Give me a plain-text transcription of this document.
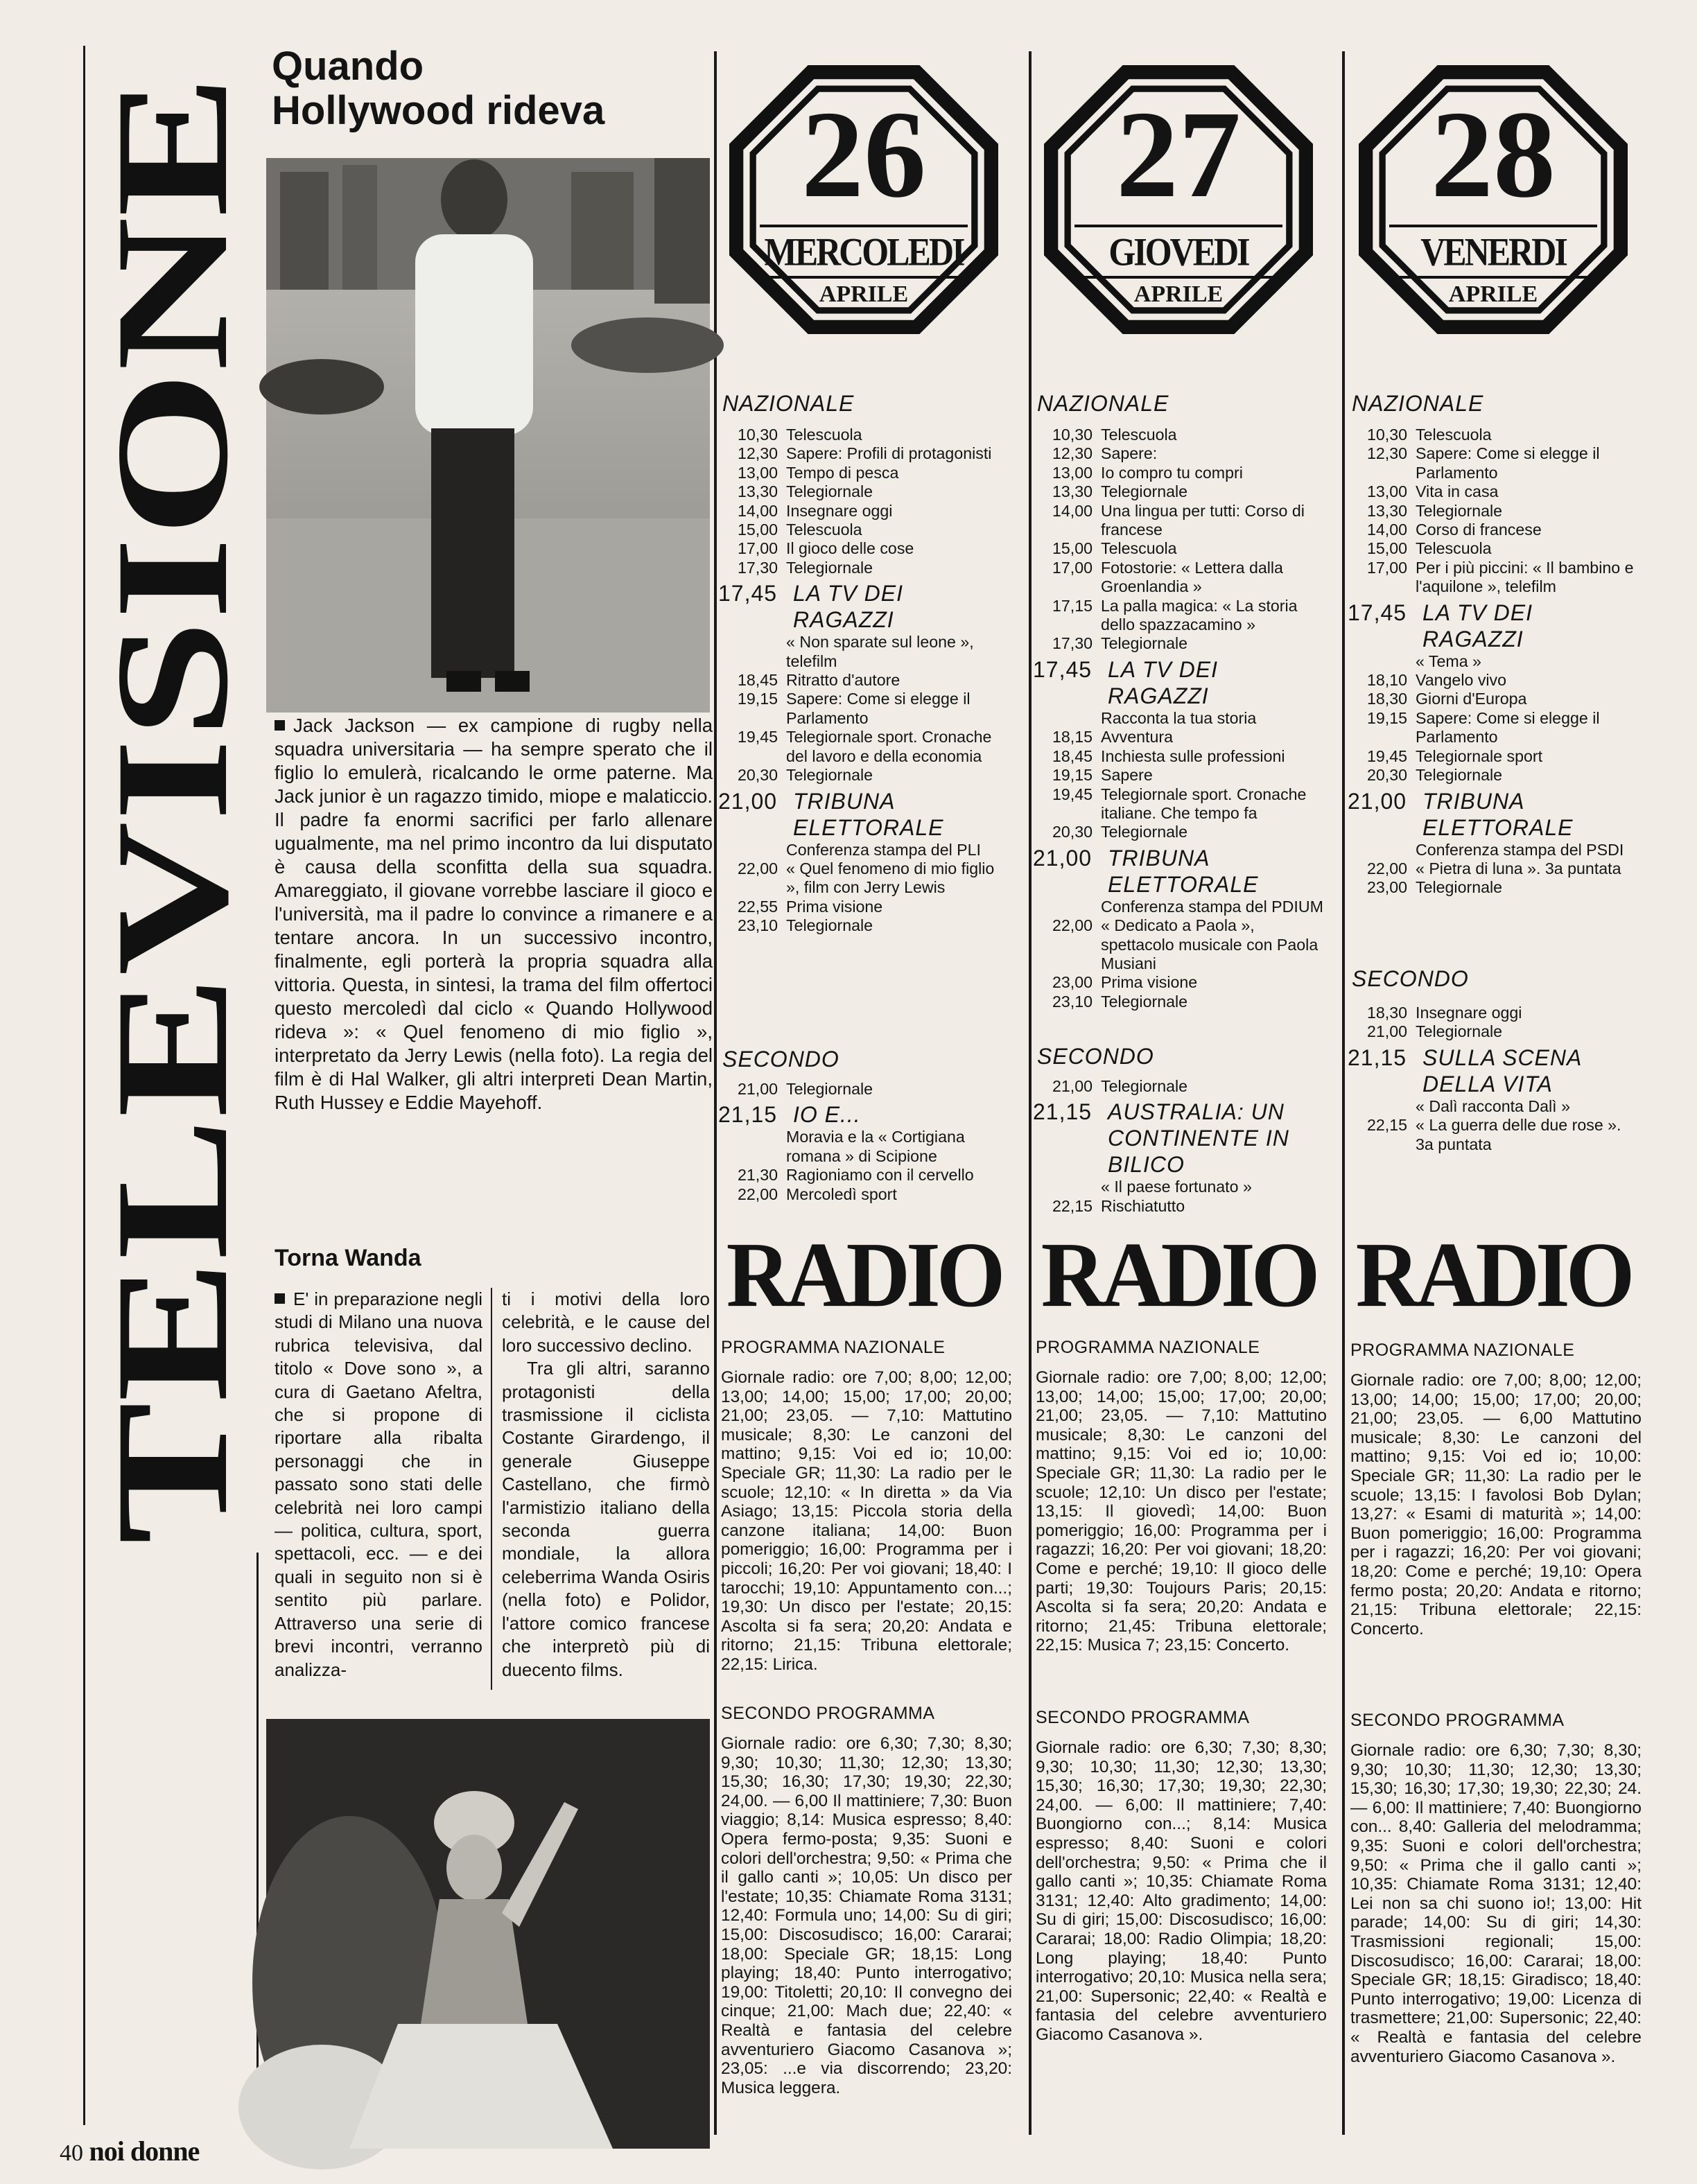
TELEVISIONE
Quando
Hollywood rideva

Jack Jackson — ex campione di rugby nella squadra universitaria — ha sempre sperato che il figlio lo emulerà, ricalcando le orme paterne. Ma Jack junior è un ragazzo timido, miope e malaticcio. Il padre fa enormi sacrifici per farlo allenare ugualmente, ma nel primo incontro da lui disputato è causa della sconfitta della sua squadra. Amareggiato, il giovane vorrebbe lasciare il gioco e l'università, ma il padre lo convince a rimanere e a tentare ancora. In un successivo incontro, finalmente, egli porterà la propria squadra alla vittoria. Questa, in sintesi, la trama del film offertoci questo mercoledì dal ciclo « Quando Hollywood rideva »: « Quel fenomeno di mio figlio », interpretato da Jerry Lewis (nella foto). La regia del film è di Hal Walker, gli altri interpreti Dean Martin, Ruth Hussey e Eddie Mayehoff.

Torna Wanda

E' in preparazione negli studi di Milano una nuova rubrica televisiva, dal titolo « Dove sono », a cura di Gaetano Afeltra, che si propone di riportare alla ribalta personaggi che in passato sono stati delle celebrità nei loro campi — politica, cultura, sport, spettacoli, ecc. — e dei quali in seguito non si è sentito più parlare. Attraverso una serie di brevi incontri, verranno analizza-

ti i motivi della loro celebrità, e le cause del loro successivo declino.

Tra gli altri, saranno protagonisti della trasmissione il ciclista Costante Girardengo, il generale Giuseppe Castellano, che firmò l'armistizio italiano della seconda guerra mondiale, la allora celeberrima Wanda Osiris (nella foto) e Polidor, l'attore comico francese che interpretò più di duecento films.

26
MERCOLEDI
APRILE
NAZIONALE
10,30 Telescuola
12,30 Sapere: Profili di protagonisti
13,00 Tempo di pesca
13,30 Telegiornale
14,00 Insegnare oggi
15,00 Telescuola
17,00 Il gioco delle cose
17,30 Telegiornale
17,45 LA TV DEI RAGAZZI
« Non sparate sul leone », telefilm
18,45 Ritratto d'autore
19,15 Sapere: Come si elegge il Parlamento
19,45 Telegiornale sport. Cronache del lavoro e della economia
20,30 Telegiornale
21,00 TRIBUNA ELETTORALE
Conferenza stampa del PLI
22,00 « Quel fenomeno di mio figlio », film con Jerry Lewis
22,55 Prima visione
23,10 Telegiornale
SECONDO
21,00 Telegiornale
21,15 IO E...
Moravia e la « Cortigiana romana » di Scipione
21,30 Ragioniamo con il cervello
22,00 Mercoledì sport
RADIO
PROGRAMMA NAZIONALE
Giornale radio: ore 7,00; 8,00; 12,00; 13,00; 14,00; 15,00; 17,00; 20,00; 21,00; 23,05. — 7,10: Mattutino musicale; 8,30: Le canzoni del mattino; 9,15: Voi ed io; 10,00: Speciale GR; 11,30: La radio per le scuole; 12,10: « In diretta » da Via Asiago; 13,15: Piccola storia della canzone italiana; 14,00: Buon pomeriggio; 16,00: Programma per i piccoli; 16,20: Per voi giovani; 18,40: I tarocchi; 19,10: Appuntamento con...; 19,30: Un disco per l'estate; 20,15: Ascolta si fa sera; 20,20: Andata e ritorno; 21,15: Tribuna elettorale; 22,15: Lirica.
SECONDO PROGRAMMA
Giornale radio: ore 6,30; 7,30; 8,30; 9,30; 10,30; 11,30; 12,30; 13,30; 15,30; 16,30; 17,30; 19,30; 22,30; 24,00. — 6,00 Il mattiniere; 7,30: Buon viaggio; 8,14: Musica espresso; 8,40: Opera fermo-posta; 9,35: Suoni e colori dell'orchestra; 9,50: « Prima che il gallo canti »; 10,05: Un disco per l'estate; 10,35: Chiamate Roma 3131; 12,40: Formula uno; 14,00: Su di giri; 15,00: Discosudisco; 16,00: Cararai; 18,00: Speciale GR; 18,15: Long playing; 18,40: Punto interrogativo; 19,00: Titoletti; 20,10: Il convegno dei cinque; 21,00: Mach due; 22,40: « Realtà e fantasia del celebre avventuriero Giacomo Casanova »; 23,05: ...e via discorrendo; 23,20: Musica leggera.
27
GIOVEDI
APRILE
NAZIONALE
10,30 Telescuola
12,30 Sapere:
13,00 Io compro tu compri
13,30 Telegiornale
14,00 Una lingua per tutti: Corso di francese
15,00 Telescuola
17,00 Fotostorie: « Lettera dalla Groenlandia »
17,15 La palla magica: « La storia dello spazzacamino »
17,30 Telegiornale
17,45 LA TV DEI RAGAZZI
Racconta la tua storia
18,15 Avventura
18,45 Inchiesta sulle professioni
19,15 Sapere
19,45 Telegiornale sport. Cronache italiane. Che tempo fa
20,30 Telegiornale
21,00 TRIBUNA ELETTORALE
Conferenza stampa del PDIUM
22,00 « Dedicato a Paola », spettacolo musicale con Paola Musiani
23,00 Prima visione
23,10 Telegiornale
SECONDO
21,00 Telegiornale
21,15 AUSTRALIA: UN CONTINENTE IN BILICO
« Il paese fortunato »
22,15 Rischiatutto
RADIO
PROGRAMMA NAZIONALE
Giornale radio: ore 7,00; 8,00; 12,00; 13,00; 14,00; 15,00; 17,00; 20,00; 21,00; 23,05. — 7,10: Mattutino musicale; 8,30: Le canzoni del mattino; 9,15: Voi ed io; 10,00: Speciale GR; 11,30: La radio per le scuole; 12,10: Un disco per l'estate; 13,15: Il giovedì; 14,00: Buon pomeriggio; 16,00: Programma per i ragazzi; 16,20: Per voi giovani; 18,20: Come e perché; 19,10: Il gioco delle parti; 19,30: Toujours Paris; 20,15: Ascolta si fa sera; 20,20: Andata e ritorno; 21,45: Tribuna elettorale; 22,15: Musica 7; 23,15: Concerto.
SECONDO PROGRAMMA
Giornale radio: ore 6,30; 7,30; 8,30; 9,30; 10,30; 11,30; 12,30; 13,30; 15,30; 16,30; 17,30; 19,30; 22,30; 24,00. — 6,00: Il mattiniere; 7,40: Buongiorno con...; 8,14: Musica espresso; 8,40: Suoni e colori dell'orchestra; 9,50: « Prima che il gallo canti »; 10,35: Chiamate Roma 3131; 12,40: Alto gradimento; 14,00: Su di giri; 15,00: Discosudisco; 16,00: Cararai; 18,00: Radio Olimpia; 18,20: Long playing; 18,40: Punto interrogativo; 20,10: Musica nella sera; 21,00: Supersonic; 22,40: « Realtà e fantasia del celebre avventuriero Giacomo Casanova ».
28
VENERDI
APRILE
NAZIONALE
10,30 Telescuola
12,30 Sapere: Come si elegge il Parlamento
13,00 Vita in casa
13,30 Telegiornale
14,00 Corso di francese
15,00 Telescuola
17,00 Per i più piccini: « Il bambino e l'aquilone », telefilm
17,45 LA TV DEI RAGAZZI
« Tema »
18,10 Vangelo vivo
18,30 Giorni d'Europa
19,15 Sapere: Come si elegge il Parlamento
19,45 Telegiornale sport
20,30 Telegiornale
21,00 TRIBUNA ELETTORALE
Conferenza stampa del PSDI
22,00 « Pietra di luna ». 3a puntata
23,00 Telegiornale
SECONDO
18,30 Insegnare oggi
21,00 Telegiornale
21,15 SULLA SCENA DELLA VITA
« Dalì racconta Dalì »
22,15 « La guerra delle due rose ». 3a puntata
RADIO
PROGRAMMA NAZIONALE
Giornale radio: ore 7,00; 8,00; 12,00; 13,00; 14,00; 15,00; 17,00; 20,00; 21,00; 23,05. — 6,00 Mattutino musicale; 8,30: Le canzoni del mattino; 9,15: Voi ed io; 10,00: Speciale GR; 11,30: La radio per le scuole; 13,15: I favolosi Bob Dylan; 13,27: « Esami di maturità »; 14,00: Buon pomeriggio; 16,00: Programma per i ragazzi; 16,20: Per voi giovani; 18,20: Come e perché; 19,10: Opera fermo posta; 20,20: Andata e ritorno; 21,15: Tribuna elettorale; 22,15: Concerto.
SECONDO PROGRAMMA
Giornale radio: ore 6,30; 7,30; 8,30; 9,30; 10,30; 11,30; 12,30; 13,30; 15,30; 16,30; 17,30; 19,30; 22,30; 24. — 6,00: Il mattiniere; 7,40: Buongiorno con... 8,40: Galleria del melodramma; 9,35: Suoni e colori dell'orchestra; 9,50: « Prima che il gallo canti »; 10,35: Chiamate Roma 3131; 12,40: Lei non sa chi suono io!; 13,00: Hit parade; 14,00: Su di giri; 14,30: Trasmissioni regionali; 15,00: Discosudisco; 16,00: Cararai; 18,00: Speciale GR; 18,15: Giradisco; 18,40: Punto interrogativo; 19,00: Licenza di trasmettere; 21,00: Supersonic; 22,40: « Realtà e fantasia del celebre avventuriero Giacomo Casanova ».
40 noi donne
